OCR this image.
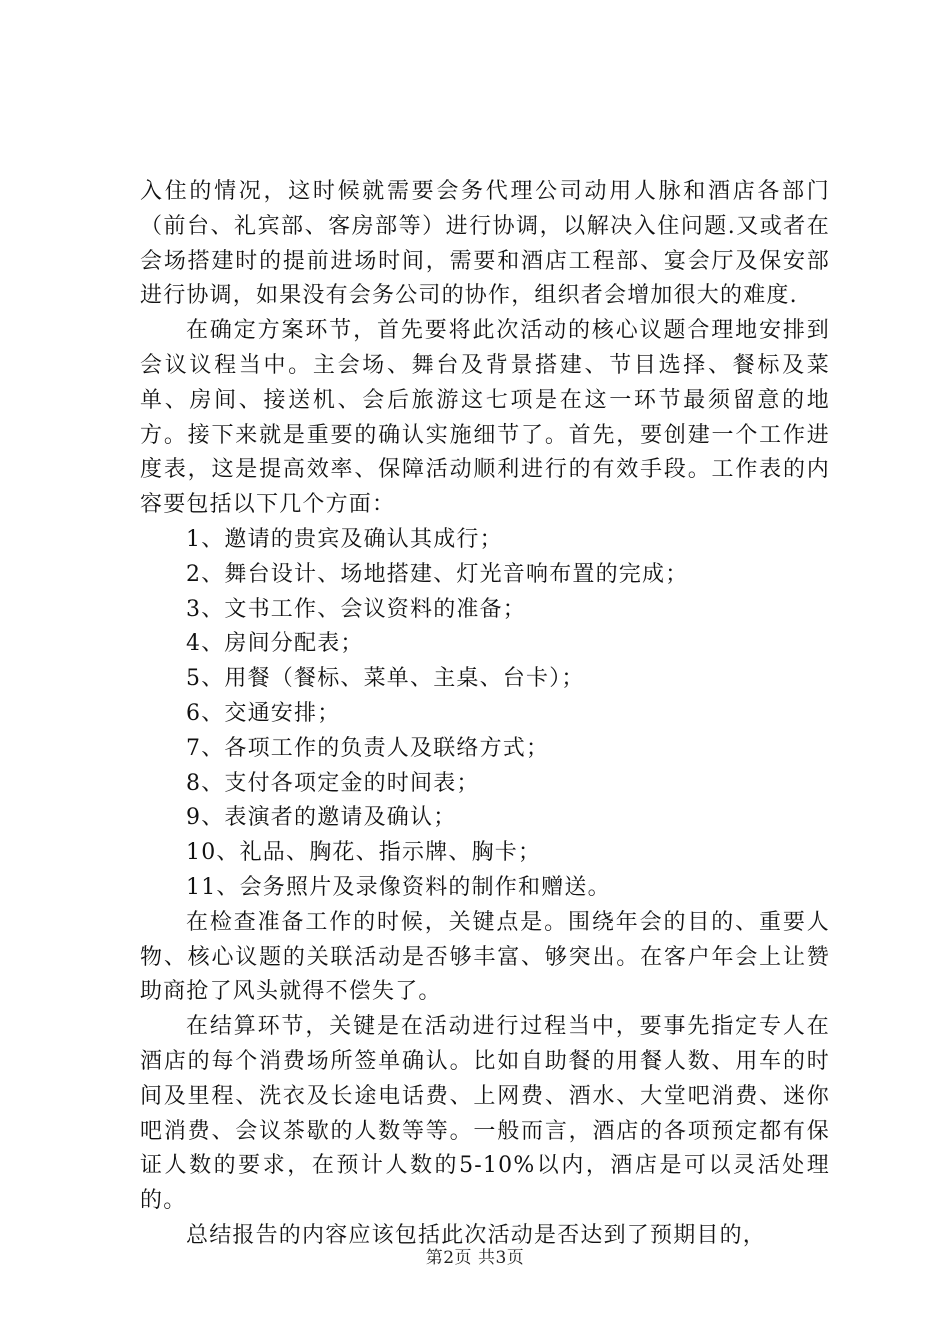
入住的情况，这时候就需要会务代理公司动用人脉和酒店各部门（前台、礼宾部、客房部等）进行协调，以解决入住问题.又或者在会场搭建时的提前进场时间，需要和酒店工程部、宴会厅及保安部进行协调，如果没有会务公司的协作，组织者会增加很大的难度.

在确定方案环节，首先要将此次活动的核心议题合理地安排到会议议程当中。主会场、舞台及背景搭建、节目选择、餐标及菜单、房间、接送机、会后旅游这七项是在这一环节最须留意的地方。接下来就是重要的确认实施细节了。首先，要创建一个工作进度表，这是提高效率、保障活动顺利进行的有效手段。工作表的内容要包括以下几个方面：

1、邀请的贵宾及确认其成行；
2、舞台设计、场地搭建、灯光音响布置的完成；
3、文书工作、会议资料的准备；
4、房间分配表；
5、用餐（餐标、菜单、主桌、台卡）；
6、交通安排；
7、各项工作的负责人及联络方式；
8、支付各项定金的时间表；
9、表演者的邀请及确认；
10、礼品、胸花、指示牌、胸卡；
11、会务照片及录像资料的制作和赠送。

在检查准备工作的时候，关键点是。围绕年会的目的、重要人物、核心议题的关联活动是否够丰富、够突出。在客户年会上让赞助商抢了风头就得不偿失了。

在结算环节，关键是在活动进行过程当中，要事先指定专人在酒店的每个消费场所签单确认。比如自助餐的用餐人数、用车的时间及里程、洗衣及长途电话费、上网费、酒水、大堂吧消费、迷你吧消费、会议茶歇的人数等等。一般而言，酒店的各项预定都有保证人数的要求，在预计人数的5-10%以内，酒店是可以灵活处理的。

总结报告的内容应该包括此次活动是否达到了预期目的，

第2页 共3页
